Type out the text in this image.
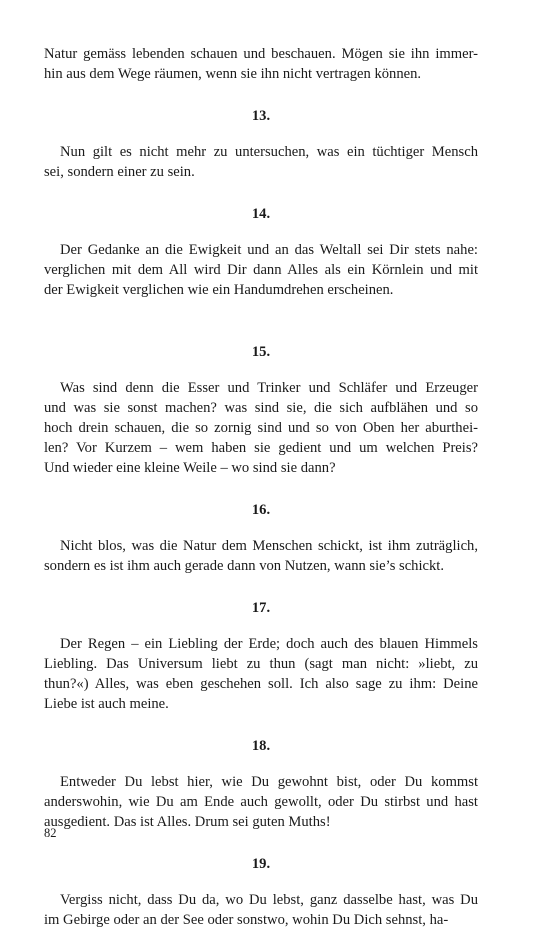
Natur gemäss lebenden schauen und beschauen. Mögen sie ihn immer-
hin aus dem Wege räumen, wenn sie ihn nicht vertragen können.

13.

Nun gilt es nicht mehr zu untersuchen, was ein tüchtiger Mensch
sei, sondern einer zu sein.

14.

Der Gedanke an die Ewigkeit und an das Weltall sei Dir stets nahe:
verglichen mit dem All wird Dir dann Alles als ein Körnlein und mit
der Ewigkeit verglichen wie ein Handumdrehen erscheinen.

15.

Was sind denn die Esser und Trinker und Schläfer und Erzeuger
und was sie sonst machen? was sind sie, die sich aufblähen und so
hoch drein schauen, die so zornig sind und so von Oben her aburthei-
len? Vor Kurzem – wem haben sie gedient und um welchen Preis?
Und wieder eine kleine Weile – wo sind sie dann?

16.

Nicht blos, was die Natur dem Menschen schickt, ist ihm zuträglich,
sondern es ist ihm auch gerade dann von Nutzen, wann sie’s schickt.

17.

Der Regen – ein Liebling der Erde; doch auch des blauen Himmels
Liebling. Das Universum liebt zu thun (sagt man nicht: »liebt, zu
thun?«) Alles, was eben geschehen soll. Ich also sage zu ihm: Deine
Liebe ist auch meine.

18.

Entweder Du lebst hier, wie Du gewohnt bist, oder Du kommst
anderswohin, wie Du am Ende auch gewollt, oder Du stirbst und hast
ausgedient. Das ist Alles. Drum sei guten Muths!

19.

Vergiss nicht, dass Du da, wo Du lebst, ganz dasselbe hast, was Du
im Gebirge oder an der See oder sonstwo, wohin Du Dich sehnst, ha-

82
